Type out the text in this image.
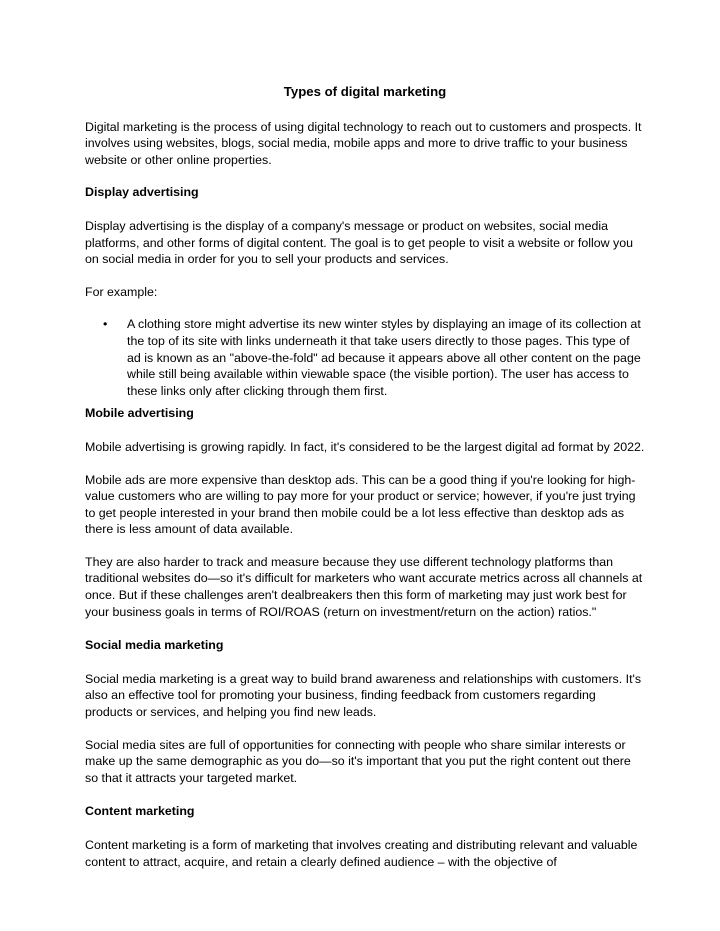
Types of digital marketing

Digital marketing is the process of using digital technology to reach out to customers and prospects. It involves using websites, blogs, social media, mobile apps and more to drive traffic to your business website or other online properties.

Display advertising

Display advertising is the display of a company's message or product on websites, social media platforms, and other forms of digital content. The goal is to get people to visit a website or follow you on social media in order for you to sell your products and services.

For example:

• A clothing store might advertise its new winter styles by displaying an image of its collection at the top of its site with links underneath it that take users directly to those pages. This type of ad is known as an "above-the-fold" ad because it appears above all other content on the page while still being available within viewable space (the visible portion). The user has access to these links only after clicking through them first.
Mobile advertising

Mobile advertising is growing rapidly. In fact, it's considered to be the largest digital ad format by 2022.

Mobile ads are more expensive than desktop ads. This can be a good thing if you're looking for high-value customers who are willing to pay more for your product or service; however, if you're just trying to get people interested in your brand then mobile could be a lot less effective than desktop ads as there is less amount of data available.

They are also harder to track and measure because they use different technology platforms than traditional websites do—so it's difficult for marketers who want accurate metrics across all channels at once. But if these challenges aren't dealbreakers then this form of marketing may just work best for your business goals in terms of ROI/ROAS (return on investment/return on the action) ratios."

Social media marketing

Social media marketing is a great way to build brand awareness and relationships with customers. It's also an effective tool for promoting your business, finding feedback from customers regarding products or services, and helping you find new leads.

Social media sites are full of opportunities for connecting with people who share similar interests or make up the same demographic as you do—so it's important that you put the right content out there so that it attracts your targeted market.

Content marketing

Content marketing is a form of marketing that involves creating and distributing relevant and valuable content to attract, acquire, and retain a clearly defined audience – with the objective of
